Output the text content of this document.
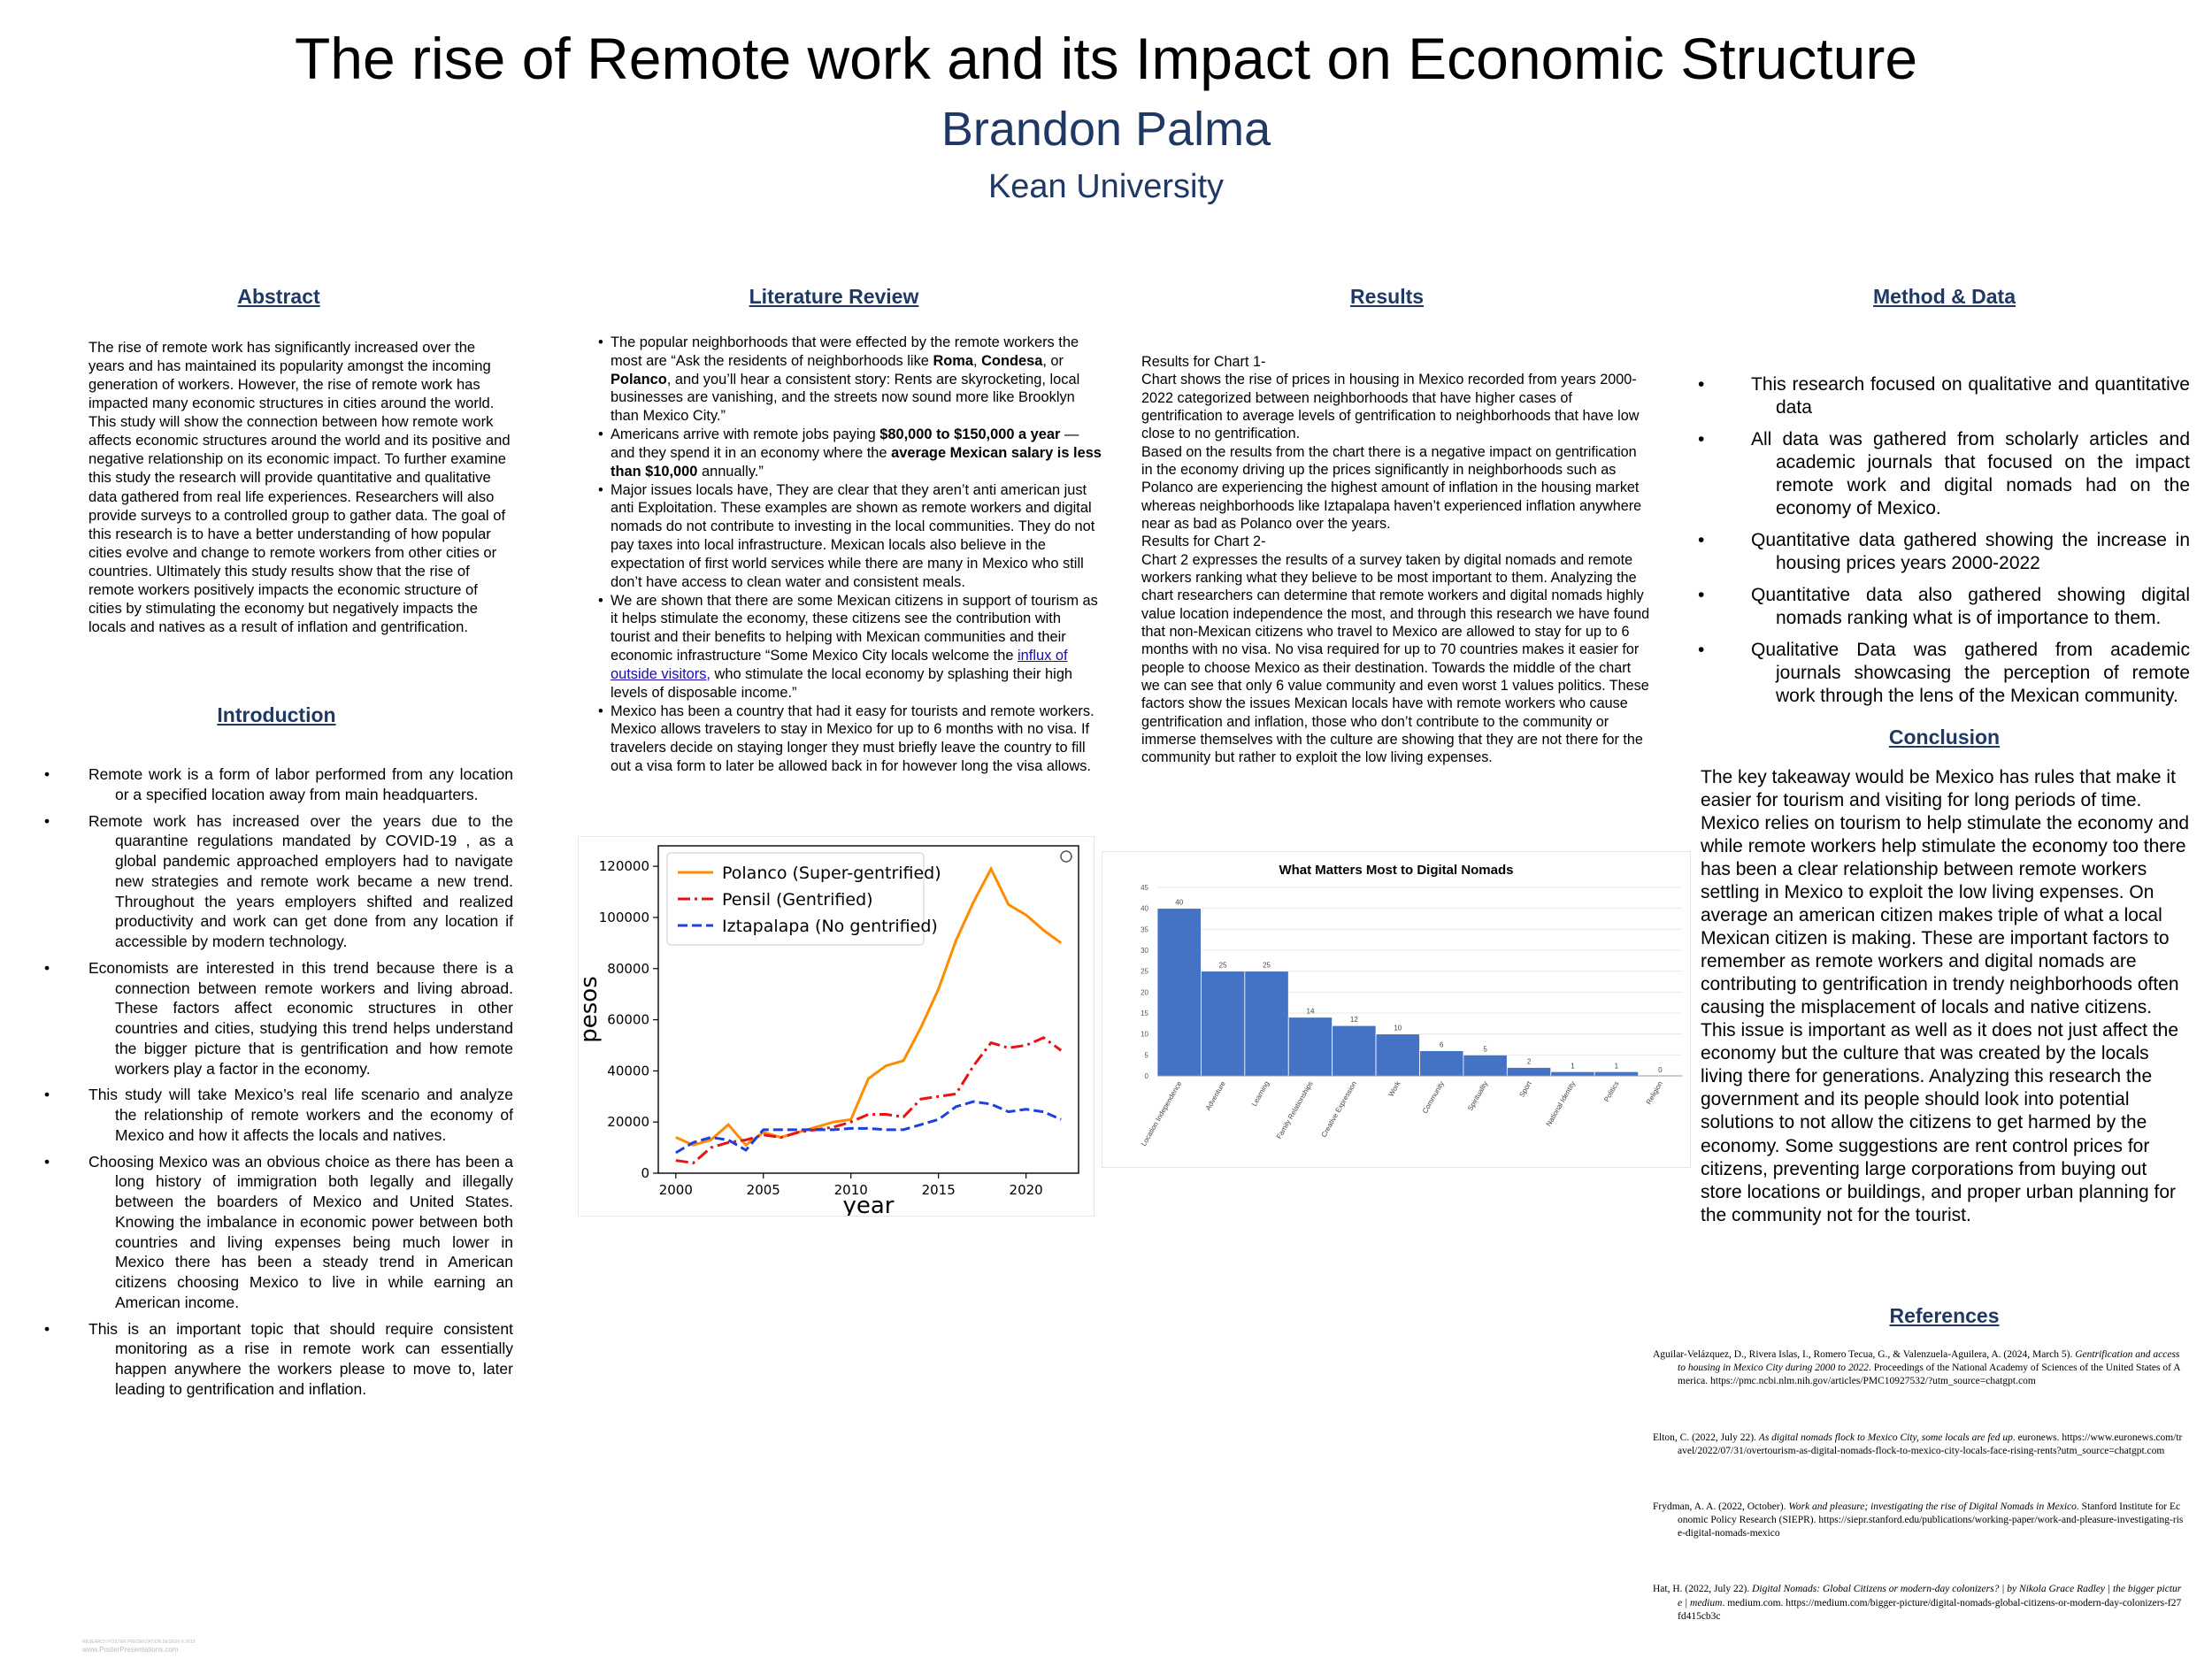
The rise of Remote work and its Impact on Economic Structure
Brandon Palma
Kean University
Abstract
The rise of remote work has significantly increased over the years and has maintained its popularity amongst the incoming generation of workers. However, the rise of remote work has impacted many economic structures in cities around the world. This study will show the connection between how remote work affects economic structures around the world and its positive and negative relationship on its economic impact. To further examine this study the research will provide quantitative and qualitative data gathered from real life experiences. Researchers will also provide surveys to a controlled group to gather data. The goal of this research is to have a better understanding of how popular cities evolve and change to remote workers from other cities or countries. Ultimately this study results show that the rise of remote workers positively impacts the economic structure of cities by stimulating the economy but negatively impacts the locals and natives as a result of inflation and gentrification.
Introduction
• Remote work is a form of labor performed from any location or a specified location away from main headquarters.
• Remote work has increased over the years due to the quarantine regulations mandated by COVID-19 , as a global pandemic approached employers had to navigate new strategies and remote work became a new trend. Throughout the years employers shifted and realized productivity and work can get done from any location if accessible by modern technology.
• Economists are interested in this trend because there is a connection between remote workers and living abroad. These factors affect economic structures in other countries and cities, studying this trend helps understand the bigger picture that is gentrification and how remote workers play a factor in the economy.
• This study will take Mexico’s real life scenario and analyze the relationship of remote workers and the economy of Mexico and how it affects the locals and natives.
• Choosing Mexico was an obvious choice as there has been a long history of immigration both legally and illegally between the boarders of Mexico and United States. Knowing the imbalance in economic power between both countries and living expenses being much lower in Mexico there has been a steady trend in American citizens choosing Mexico to live in while earning an American income.
• This is an important topic that should require consistent monitoring as a rise in remote work can essentially happen anywhere the workers please to move to, later leading to gentrification and inflation.
Literature Review
• The popular neighborhoods that were effected by the remote workers the most are “Ask the residents of neighborhoods like Roma, Condesa, or Polanco, and you’ll hear a consistent story: Rents are skyrocketing, local businesses are vanishing, and the streets now sound more like Brooklyn than Mexico City.”
• Americans arrive with remote jobs paying $80,000 to $150,000 a year — and they spend it in an economy where the average Mexican salary is less than $10,000 annually.”
• Major issues locals have, They are clear that they aren’t anti american just anti Exploitation. These examples are shown as remote workers and digital nomads do not contribute to investing in the local communities. They do not pay taxes into local infrastructure. Mexican locals also believe in the expectation of first world services while there are many in Mexico who still don’t have access to clean water and consistent meals.
• We are shown that there are some Mexican citizens in support of tourism as it helps stimulate the economy, these citizens see the contribution with tourist and their benefits to helping with Mexican communities and their economic infrastructure “Some Mexico City locals welcome the influx of outside visitors, who stimulate the local economy by splashing their high levels of disposable income.”
• Mexico has been a country that had it easy for tourists and remote workers. Mexico allows travelers to stay in Mexico for up to 6 months with no visa. If travelers decide on staying longer they must briefly leave the country to fill out a visa form to later be allowed back in for however long the visa allows.
0
20000
40000
60000
80000
100000
120000
2000	2005	2010	2015	2020
year
pesos
Polanco (Super-gentrified)
Pensil (Gentrified)
Iztapalapa (No gentrified)
Results
Results for Chart 1-
Chart shows the rise of prices in housing in Mexico recorded from years 2000-2022 categorized between neighborhoods that have higher cases of gentrification to average levels of gentrification to neighborhoods that have low close to no gentrification.
Based on the results from the chart there is a negative impact on gentrification in the economy driving up the prices significantly in neighborhoods such as Polanco are experiencing the highest amount of inflation in the housing market whereas neighborhoods like Iztapalapa haven’t experienced inflation anywhere near as bad as Polanco over the years.
Results for Chart 2-
Chart 2 expresses the results of a survey taken by digital nomads and remote workers ranking what they believe to be most important to them. Analyzing the chart researchers can determine that remote workers and digital nomads highly value location independence the most, and through this research we have found that non-Mexican citizens who travel to Mexico are allowed to stay for up to 6 months with no visa. No visa required for up to 70 countries makes it easier for people to choose Mexico as their destination. Towards the middle of the chart we can see that only 6 value community and even worst 1 values politics. These factors show the issues Mexican locals have with remote workers who cause gentrification and inflation, those who don’t contribute to the community or immerse themselves with the culture are showing that they are not there for the community but rather to exploit the low living expenses.
What Matters Most to Digital Nomads
0
5
10
15
20
25
30
35
40
45
40
Location Independence
25
Adventure
25
Learning
14
Family Relationships
12
Creative Expression
10
Work
6
Community
5
Spirituality
2
Sport
1
National Identity
1
Politics
0
Religion
Method & Data
• This research focused on qualitative and quantitative data
• All data was gathered from scholarly articles and academic journals that focused on the impact remote work and digital nomads had on the economy of Mexico.
• Quantitative data gathered showing the increase in housing prices years 2000-2022
• Quantitative data also gathered showing digital nomads ranking what is of importance to them.
• Qualitative Data was gathered from academic journals showcasing the perception of remote work through the lens of the Mexican community.
Conclusion
The key takeaway would be Mexico has rules that make it easier for tourism and visiting for long periods of time. Mexico relies on tourism to help stimulate the economy and while remote workers help stimulate the economy too there has been a clear relationship between remote workers settling in Mexico to exploit the low living expenses. On average an american citizen makes triple of what a local Mexican citizen is making. These are important factors to remember as remote workers and digital nomads are contributing to gentrification in trendy neighborhoods often causing the misplacement of locals and native citizens. This issue is important as well as it does not just affect the economy but the culture that was created by the locals living there for generations. Analyzing this research the government and its people should look into potential solutions to not allow the citizens to get harmed by the economy. Some suggestions are rent control prices for citizens, preventing large corporations from buying out store locations or buildings, and proper urban planning for the community not for the tourist.
References

Aguilar-Velázquez, D., Rivera Islas, I., Romero Tecua, G., & Valenzuela-Aguilera, A. (2024, March 5). Gentrification and access to housing in Mexico City during 2000 to 2022. Proceedings of the National Academy of Sciences of the United States of America. https://pmc.ncbi.nlm.nih.gov/articles/PMC10927532/?utm_source=chatgpt.com

Elton, C. (2022, July 22). As digital nomads flock to Mexico City, some locals are fed up. euronews. https://www.euronews.com/travel/2022/07/31/overtourism-as-digital-nomads-flock-to-mexico-city-locals-face-rising-rents?utm_source=chatgpt.com

Frydman, A. A. (2022, October). Work and pleasure; investigating the rise of Digital Nomads in Mexico. Stanford Institute for Economic Policy Research (SIEPR). https://siepr.stanford.edu/publications/working-paper/work-and-pleasure-investigating-rise-digital-nomads-mexico

Hat, H. (2022, July 22). Digital Nomads: Global Citizens or modern-day colonizers? | by Nikola Grace Radley | the bigger picture | medium. medium.com. https://medium.com/bigger-picture/digital-nomads-global-citizens-or-modern-day-colonizers-f27fd415cb3c

RESEARCH POSTER PRESENTATION DESIGN © 2019
www.PosterPresentations.com
